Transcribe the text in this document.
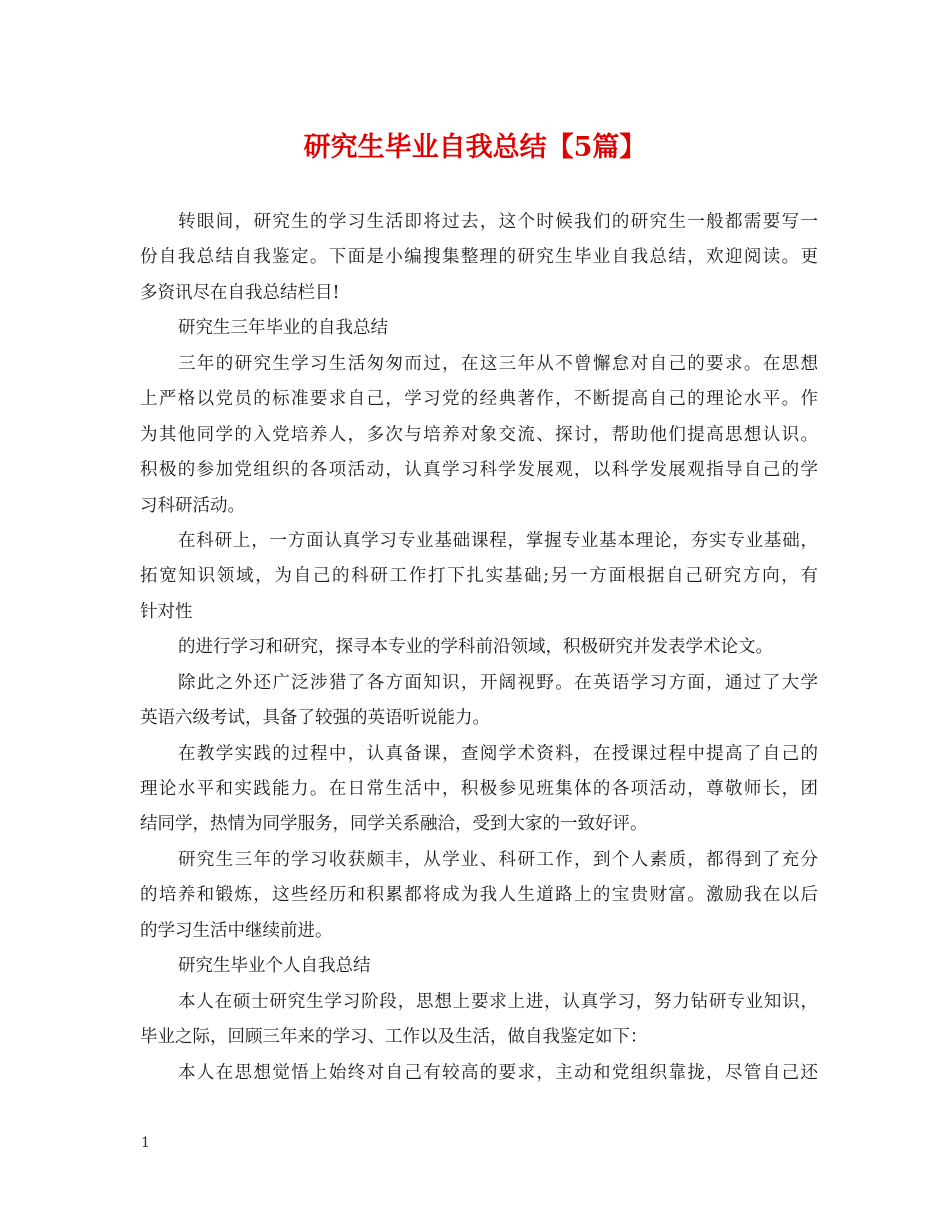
研究生毕业自我总结【5篇】
转眼间，研究生的学习生活即将过去，这个时候我们的研究生一般都需要写一
份自我总结自我鉴定。下面是小编搜集整理的研究生毕业自我总结，欢迎阅读。更
多资讯尽在自我总结栏目!
研究生三年毕业的自我总结
三年的研究生学习生活匆匆而过，在这三年从不曾懈怠对自己的要求。在思想
上严格以党员的标准要求自己，学习党的经典著作，不断提高自己的理论水平。作
为其他同学的入党培养人，多次与培养对象交流、探讨，帮助他们提高思想认识。
积极的参加党组织的各项活动，认真学习科学发展观，以科学发展观指导自己的学
习科研活动。
在科研上，一方面认真学习专业基础课程，掌握专业基本理论，夯实专业基础，
拓宽知识领域，为自己的科研工作打下扎实基础;另一方面根据自己研究方向，有
针对性
的进行学习和研究，探寻本专业的学科前沿领域，积极研究并发表学术论文。
除此之外还广泛涉猎了各方面知识，开阔视野。在英语学习方面，通过了大学
英语六级考试，具备了较强的英语听说能力。
在教学实践的过程中，认真备课，查阅学术资料，在授课过程中提高了自己的
理论水平和实践能力。在日常生活中，积极参见班集体的各项活动，尊敬师长，团
结同学，热情为同学服务，同学关系融洽，受到大家的一致好评。
研究生三年的学习收获颇丰，从学业、科研工作，到个人素质，都得到了充分
的培养和锻炼，这些经历和积累都将成为我人生道路上的宝贵财富。激励我在以后
的学习生活中继续前进。
研究生毕业个人自我总结
本人在硕士研究生学习阶段，思想上要求上进，认真学习，努力钻研专业知识，
毕业之际，回顾三年来的学习、工作以及生活，做自我鉴定如下：
本人在思想觉悟上始终对自己有较高的要求，主动和党组织靠拢，尽管自己还
1
